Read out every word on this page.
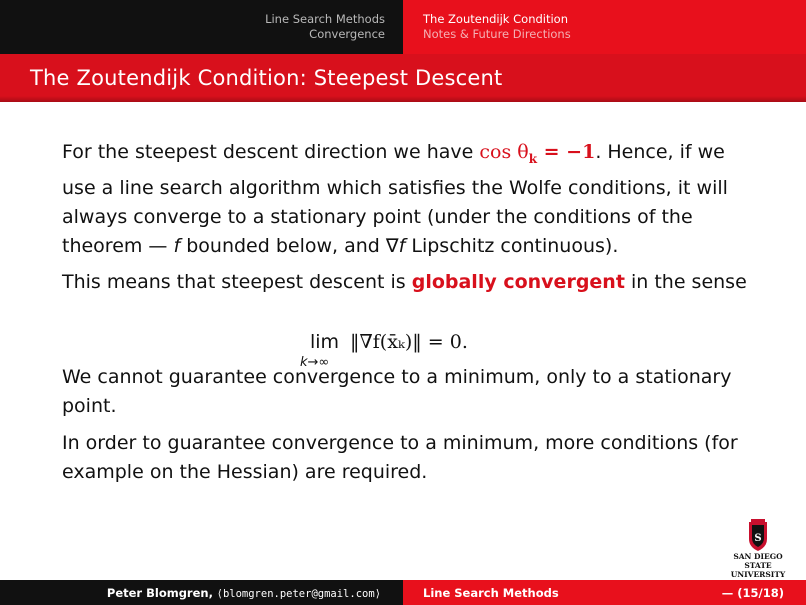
Line Search Methods
Convergence
The Zoutendijk Condition
Notes & Future Directions
The Zoutendijk Condition: Steepest Descent

For the steepest descent direction we have $\cos \theta_k = -1$. Hence, if we use a line search algorithm which satisfies the Wolfe conditions, it will always converge to a stationary point (under the conditions of the theorem — f bounded below, and ∇f Lipschitz continuous).

This means that steepest descent is globally convergent in the sense

We cannot guarantee convergence to a minimum, only to a stationary point.

In order to guarantee convergence to a minimum, more conditions (for example on the Hessian) are required.

lim
k→∞
‖∇f(x̄ₖ)‖ = 0.
S
SAN DIEGO STATE
UNIVERSITY
Peter Blomgren, ⟨blomgren.peter@gmail.com⟩	Line Search Methods	— (15/18)
